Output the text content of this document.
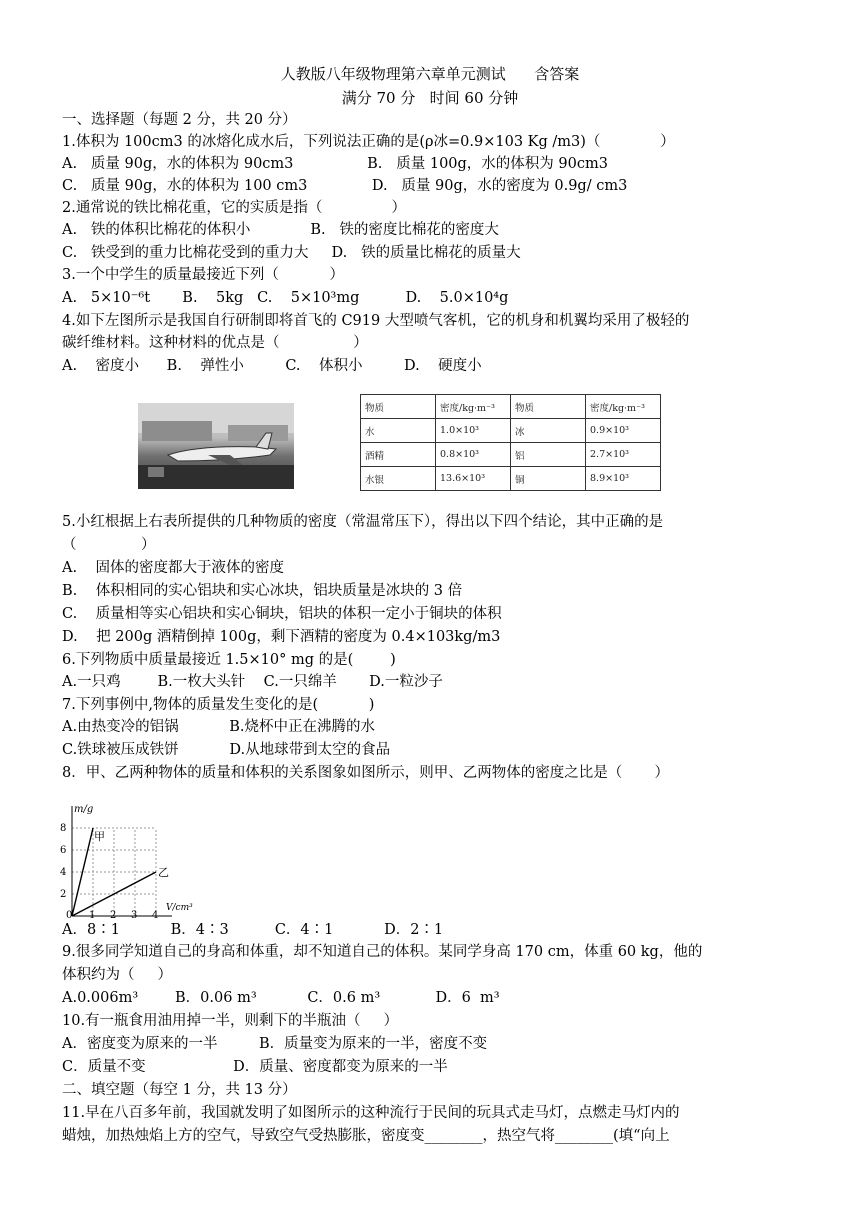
人教版八年级物理第六章单元测试      含答案
满分 70 分   时间 60 分钟
一、选择题（每题 2 分，共 20 分）
1.体积为 100cm3 的冰熔化成水后，下列说法正确的是(ρ冰=0.9×103 Kg /m3)（             ）
A.   质量 90g，水的体积为 90cm3                B.   质量 100g，水的体积为 90cm3
C.   质量 90g，水的体积为 100 cm3              D.   质量 90g，水的密度为 0.9g/ cm3
2.通常说的铁比棉花重，它的实质是指（               ）
A.   铁的体积比棉花的体积小             B.   铁的密度比棉花的密度大
C.   铁受到的重力比棉花受到的重力大     D.   铁的质量比棉花的质量大
3.一个中学生的质量最接近下列（           ）
A.   5×10⁻⁶t       B.    5kg   C.    5×10³mg          D.    5.0×10⁴g
4.如下左图所示是我国自行研制即将首飞的 C919 大型喷气客机，它的机身和机翼均采用了极轻的
碳纤维材料。这种材料的优点是（                ）
A.    密度小      B.    弹性小         C.    体积小         D.    硬度小
物质	密度/kg·m⁻³	物质	密度/kg·m⁻³
水	1.0×10³	冰	0.9×10³
酒精	0.8×10³	铝	2.7×10³
水银	13.6×10³	铜	8.9×10³
5.小红根据上右表所提供的几种物质的密度（常温常压下），得出以下四个结论，其中正确的是
（              ）
A.    固体的密度都大于液体的密度
B.    体积相同的实心铝块和实心冰块，铝块质量是冰块的 3 倍
C.    质量相等实心铝块和实心铜块，铝块的体积一定小于铜块的体积
D.    把 200g 酒精倒掉 100g，剩下酒精的密度为 0.4×103kg/m3
6.下列物质中质量最接近 1.5×10° mg 的是(        )
A.一只鸡        B.一枚大头针    C.一只绵羊       D.一粒沙子
7.下列事例中,物体的质量发生变化的是(           )
A.由热变冷的铝锅           B.烧杯中正在沸腾的水
C.铁球被压成铁饼           D.从地球带到太空的食品
8．甲、乙两种物体的质量和体积的关系图象如图所示，则甲、乙两物体的密度之比是（       ）
m/g
V/cm³
0 1 2 3 4
2
4
6
8
甲
乙
A．8∶1           B．4∶3          C．4∶1           D．2∶1
9.很多同学知道自己的身高和体重，却不知道自己的体积。某同学身高 170 cm，体重 60 kg，他的
体积约为（     ）
A.0.006m³        B．0.06 m³           C．0.6 m³            D．6  m³
10.有一瓶食用油用掉一半，则剩下的半瓶油（     ）
A．密度变为原来的一半         B．质量变为原来的一半，密度不变
C．质量不变                   D．质量、密度都变为原来的一半
二、填空题（每空 1 分，共 13 分）
11.早在八百多年前，我国就发明了如图所示的这种流行于民间的玩具式走马灯，点燃走马灯内的
蜡烛，加热烛焰上方的空气，导致空气受热膨胀，密度变________，热空气将________(填“向上
